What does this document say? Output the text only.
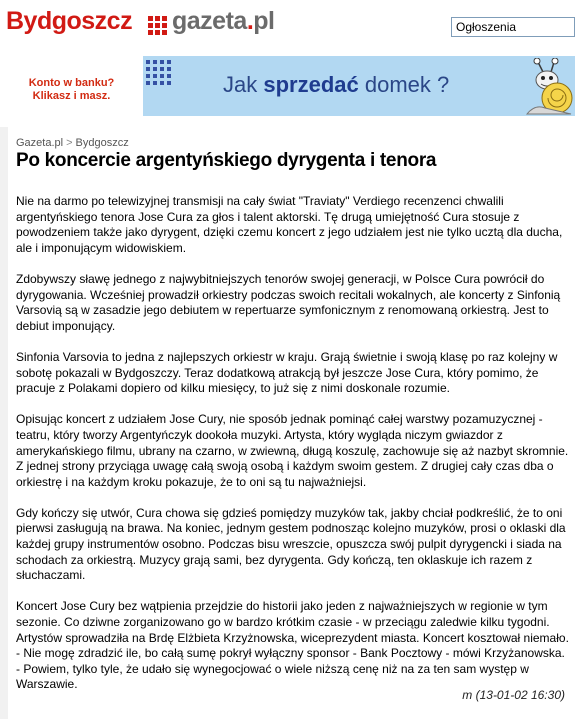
Bydgoszcz gazeta.pl	Ogłoszenia
Konto w banku?
Klikasz i masz.	Jak sprzedać domek ?
Gazeta.pl > Bydgoszcz
Po koncercie argentyńskiego dyrygenta i tenora

Nie na darmo po telewizyjnej transmisji na cały świat "Traviaty" Verdiego recenzenci chwalili argentyńskiego tenora Jose Cura za głos i talent aktorski. Tę drugą umiejętność Cura stosuje z powodzeniem także jako dyrygent, dzięki czemu koncert z jego udziałem jest nie tylko ucztą dla ducha, ale i imponującym widowiskiem.

Zdobywszy sławę jednego z najwybitniejszych tenorów swojej generacji, w Polsce Cura powrócił do dyrygowania. Wcześniej prowadził orkiestry podczas swoich recitali wokalnych, ale koncerty z Sinfonią Varsovią są w zasadzie jego debiutem w repertuarze symfonicznym z renomowaną orkiestrą. Jest to debiut imponujący.

Sinfonia Varsovia to jedna z najlepszych orkiestr w kraju. Grają świetnie i swoją klasę po raz kolejny w sobotę pokazali w Bydgoszczy. Teraz dodatkową atrakcją był jeszcze Jose Cura, który pomimo, że pracuje z Polakami dopiero od kilku miesięcy, to już się z nimi doskonale rozumie.

Opisując koncert z udziałem Jose Cury, nie sposób jednak pominąć całej warstwy pozamuzycznej - teatru, który tworzy Argentyńczyk dookoła muzyki. Artysta, który wygląda niczym gwiazdor z amerykańskiego filmu, ubrany na czarno, w zwiewną, długą koszulę, zachowuje się aż nazbyt skromnie. Z jednej strony przyciąga uwagę całą swoją osobą i każdym swoim gestem. Z drugiej cały czas dba o orkiestrę i na każdym kroku pokazuje, że to oni są tu najważniejsi.

Gdy kończy się utwór, Cura chowa się gdzieś pomiędzy muzyków tak, jakby chciał podkreślić, że to oni pierwsi zasługują na brawa. Na koniec, jednym gestem podnosząc kolejno muzyków, prosi o oklaski dla każdej grupy instrumentów osobno. Podczas bisu wreszcie, opuszcza swój pulpit dyrygencki i siada na schodach za orkiestrą. Muzycy grają sami, bez dyrygenta. Gdy kończą, ten oklaskuje ich razem z słuchaczami.

Koncert Jose Cury bez wątpienia przejdzie do historii jako jeden z najważniejszych w regionie w tym sezonie. Co dziwne zorganizowano go w bardzo krótkim czasie - w przeciągu zaledwie kilku tygodni. Artystów sprowadziła na Brdę Elżbieta Krzyżnowska, wiceprezydent miasta. Koncert kosztował niemało. - Nie mogę zdradzić ile, bo całą sumę pokrył wyłączny sponsor - Bank Pocztowy - mówi Krzyżanowska. - Powiem, tylko tyle, że udało się wynegocjować o wiele niższą cenę niż na za ten sam występ w Warszawie.

m (13-01-02 16:30)
